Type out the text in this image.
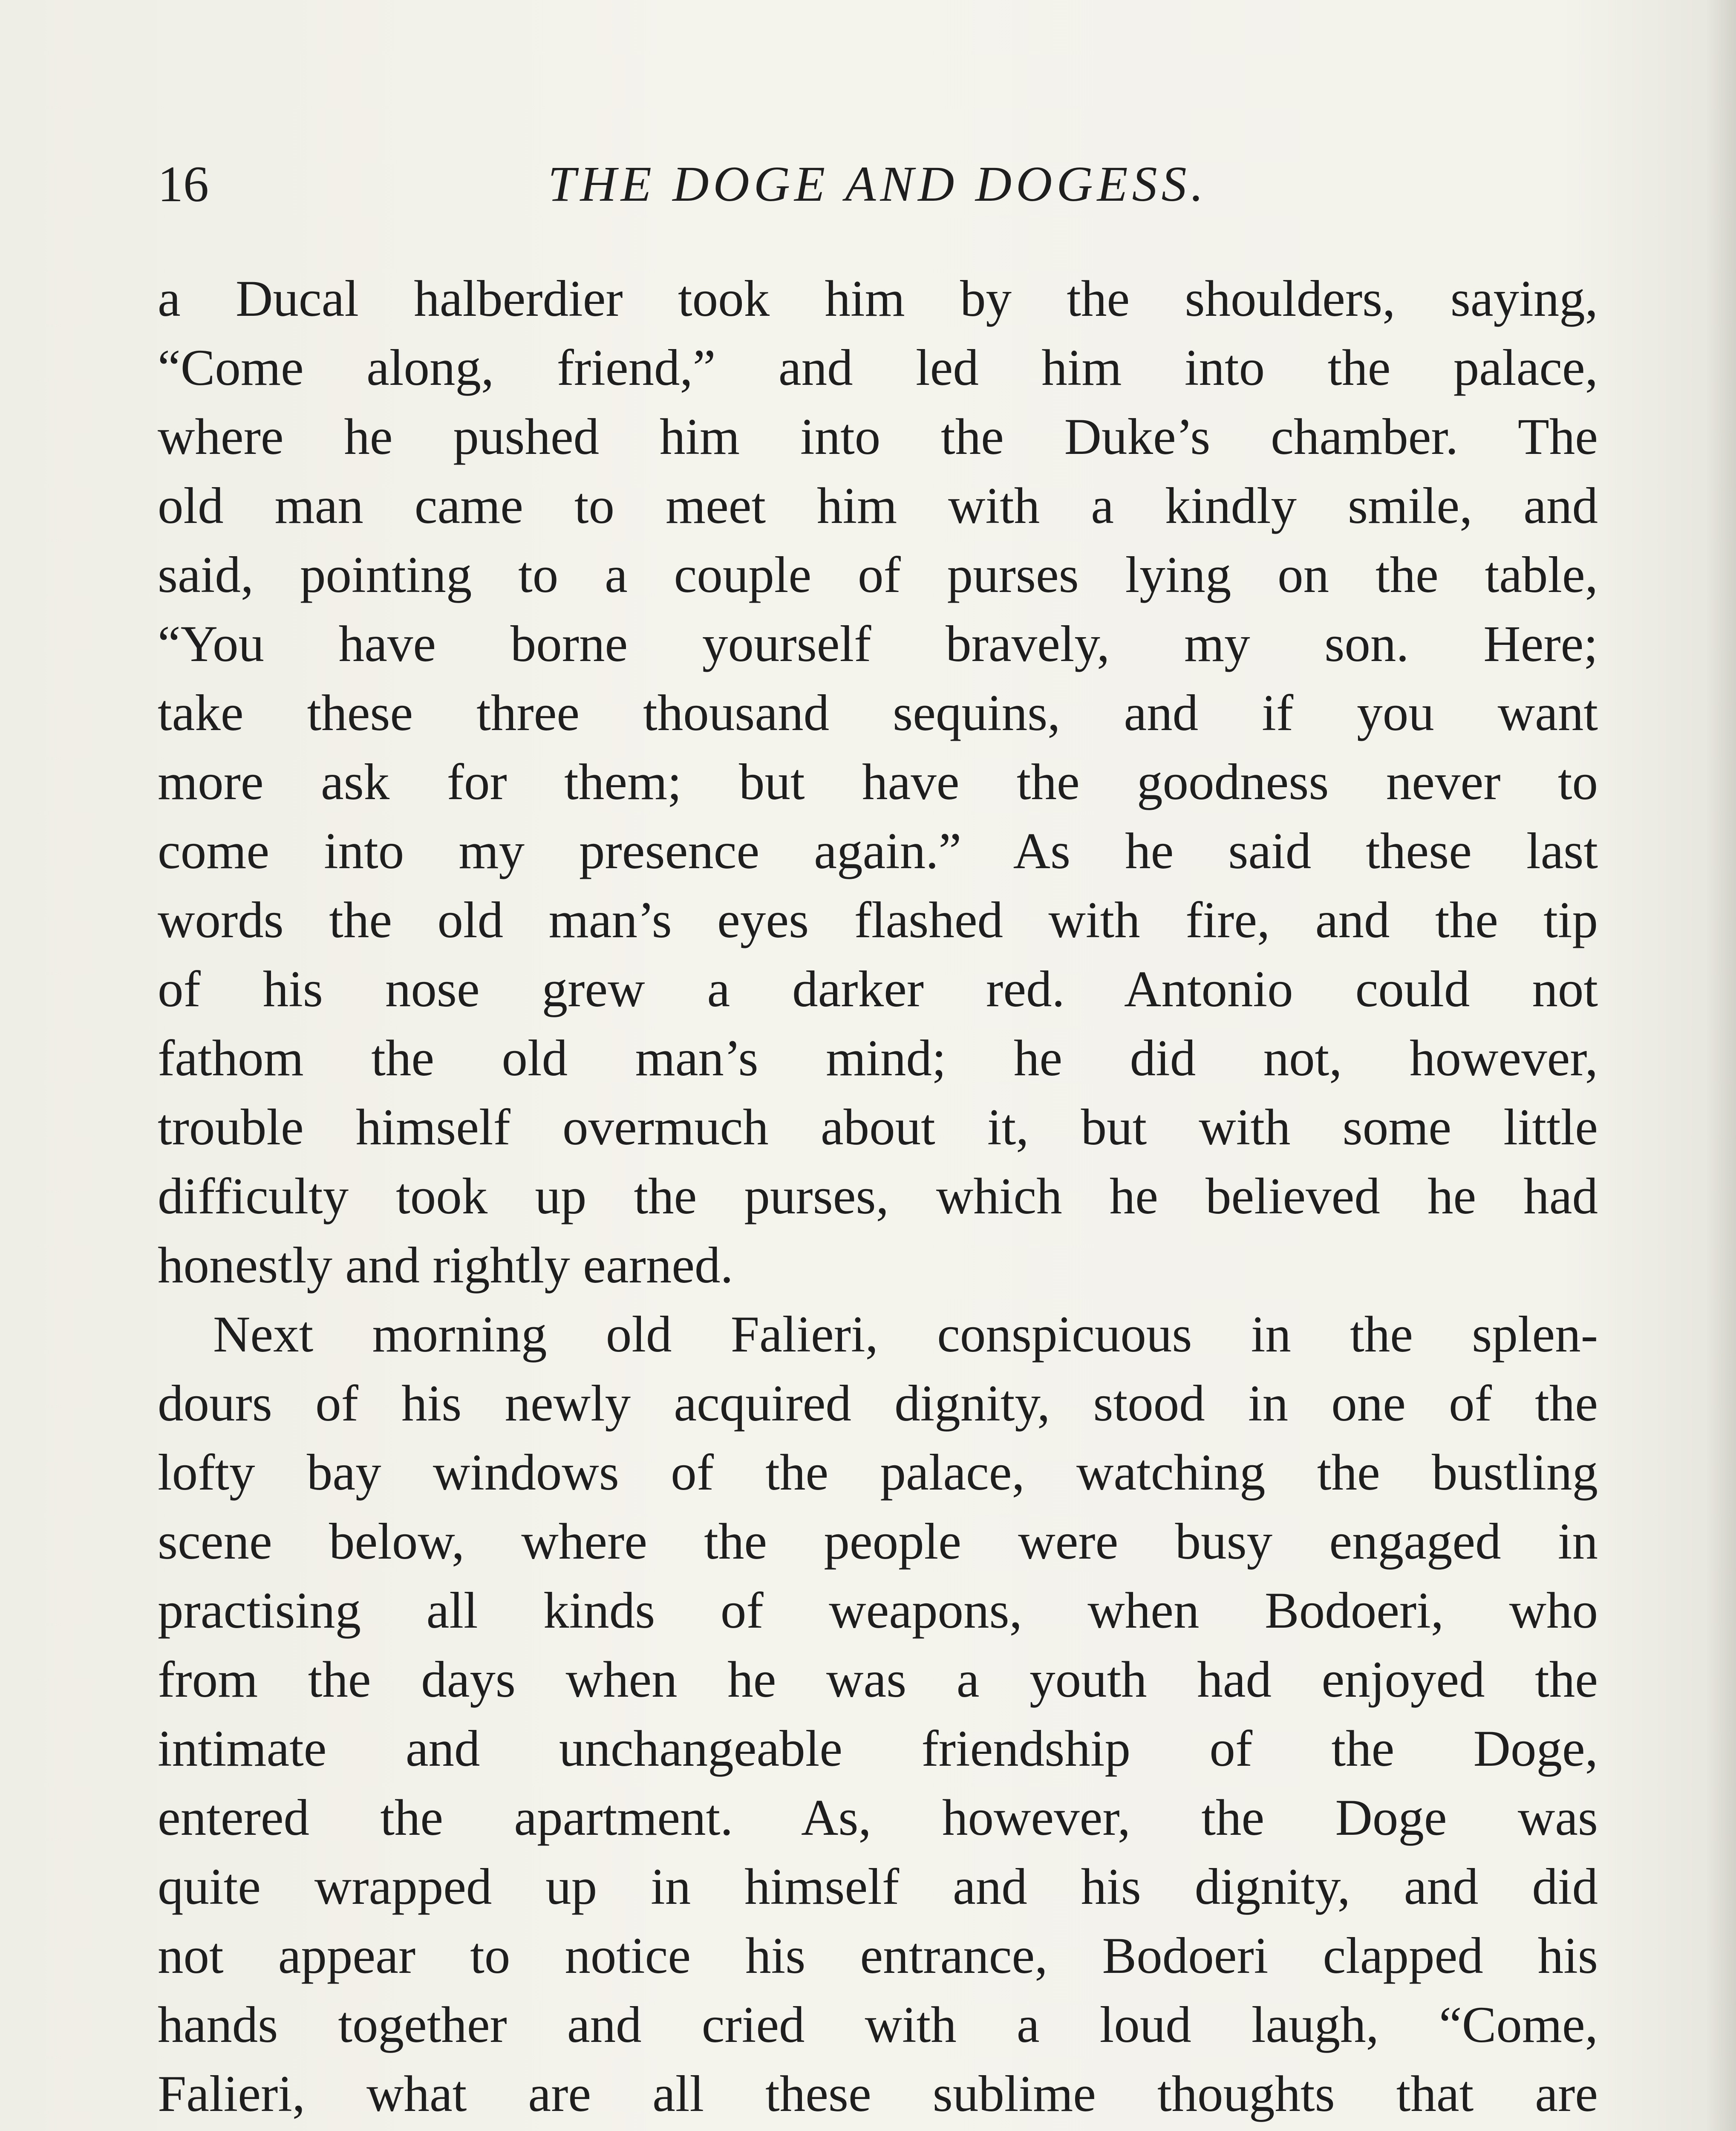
THE DOGE AND DOGESS.
16
a Ducal halberdier took him by the shoulders, saying,
“Come along, friend,” and led him into the palace,
where he pushed him into the Duke’s chamber. The
old man came to meet him with a kindly smile, and
said, pointing to a couple of purses lying on the table,
“You have borne yourself bravely, my son. Here;
take these three thousand sequins, and if you want
more ask for them; but have the goodness never to
come into my presence again.” As he said these last
words the old man’s eyes flashed with fire, and the tip
of his nose grew a darker red. Antonio could not
fathom the old man’s mind; he did not, however,
trouble himself overmuch about it, but with some little
difficulty took up the purses, which he believed he had
honestly and rightly earned.
Next morning old Falieri, conspicuous in the splen-
dours of his newly acquired dignity, stood in one of the
lofty bay windows of the palace, watching the bustling
scene below, where the people were busy engaged in
practising all kinds of weapons, when Bodoeri, who
from the days when he was a youth had enjoyed the
intimate and unchangeable friendship of the Doge,
entered the apartment. As, however, the Doge was
quite wrapped up in himself and his dignity, and did
not appear to notice his entrance, Bodoeri clapped his
hands together and cried with a loud laugh, “Come,
Falieri, what are all these sublime thoughts that are
